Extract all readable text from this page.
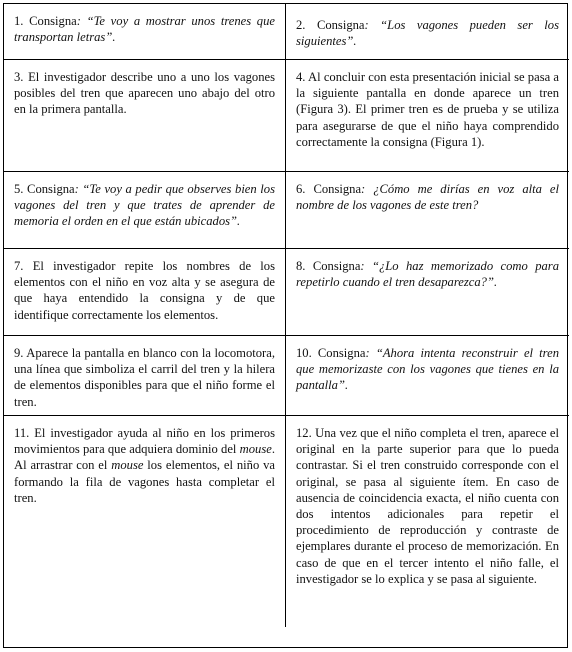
1. Consigna: “Te voy a mostrar unos trenes que transportan letras”.
2. Consigna: “Los vagones pueden ser los siguientes”.
3. El investigador describe uno a uno los vagones posibles del tren que aparecen uno abajo del otro en la primera pantalla.
4. Al concluir con esta presentación inicial se pasa a la siguiente pantalla en donde aparece un tren (Figura 3). El primer tren es de prueba y se utiliza para asegurarse de que el niño haya comprendido correctamente la consigna (Figura 1).
5. Consigna: “Te voy a pedir que observes bien los vagones del tren y que trates de aprender de memoria el orden en el que están ubicados”.
6. Consigna: ¿Cómo me dirías en voz alta el nombre de los vagones de este tren?
7. El investigador repite los nombres de los elementos con el niño en voz alta y se asegura de que haya entendido la consigna y de que identifique correctamente los elementos.
8. Consigna: “¿Lo haz memorizado como para repetirlo cuando el tren desaparezca?”.
9. Aparece la pantalla en blanco con la locomotora, una línea que simboliza el carril del tren y la hilera de elementos disponibles para que el niño forme el tren.
10. Consigna: “Ahora intenta reconstruir el tren que memorizaste con los vagones que tienes en la pantalla”.
11. El investigador ayuda al niño en los primeros movimientos para que adquiera dominio del mouse. Al arrastrar con el mouse los elementos, el niño va formando la fila de vagones hasta completar el tren.
12. Una vez que el niño completa el tren, aparece el original en la parte superior para que lo pueda contrastar. Si el tren construido corresponde con el original, se pasa al siguiente ítem. En caso de ausencia de coincidencia exacta, el niño cuenta con dos intentos adicionales para repetir el procedimiento de reproducción y contraste de ejemplares durante el proceso de memorización. En caso de que en el tercer intento el niño falle, el investigador se lo explica y se pasa al siguiente.
